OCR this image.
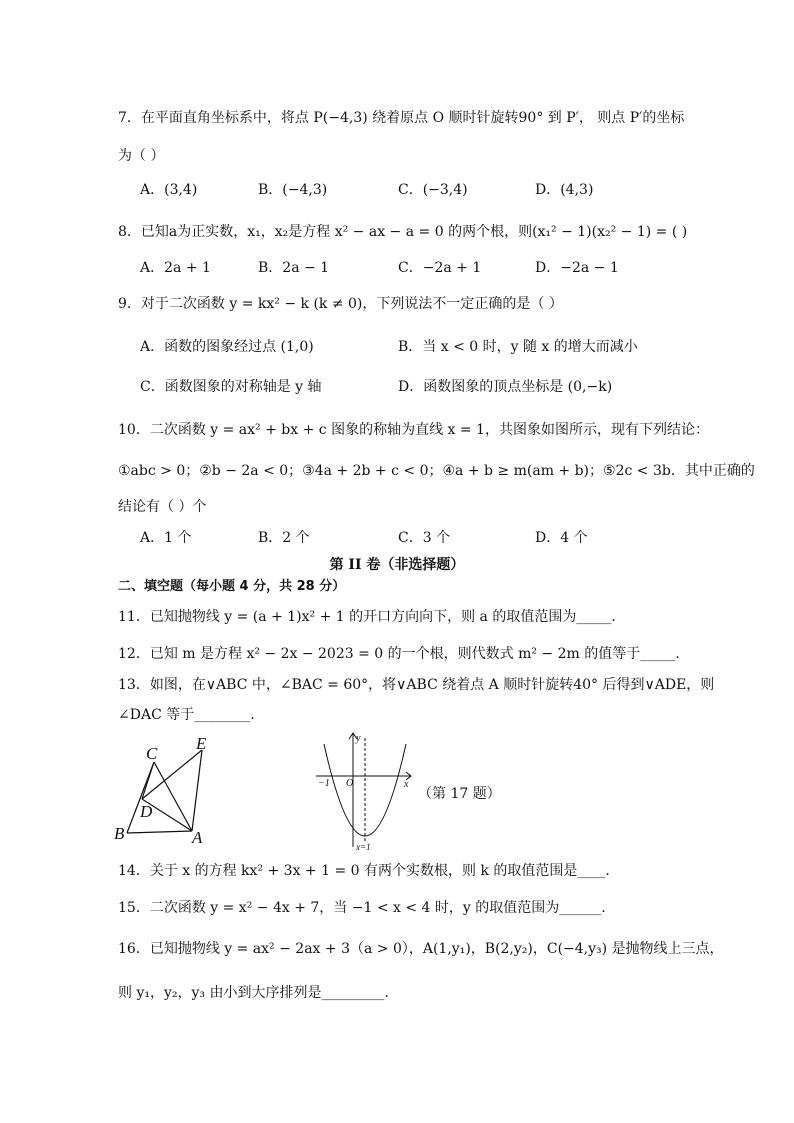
7．在平面直角坐标系中，将点 P(−4,3) 绕着原点 O 顺时针旋转90° 到 P′， 则点 P′的坐标
为（ ）
A．(3,4)	B．(−4,3)	C．(−3,4)	D．(4,3)
8．已知a为正实数，x₁，x₂是方程 x² − ax − a = 0 的两个根，则(x₁² − 1)(x₂² − 1) = ( )
A．2a + 1	B．2a − 1	C．−2a + 1	D．−2a − 1
9．对于二次函数 y = kx² − k (k ≠ 0)，下列说法不一定正确的是（ ）
A．函数的图象经过点 (1,0)	B．当 x < 0 时，y 随 x 的增大而减小
C．函数图象的对称轴是 y 轴	D．函数图象的顶点坐标是 (0,−k)
10．二次函数 y = ax² + bx + c 图象的称轴为直线 x = 1，共图象如图所示，现有下列结论：
①abc > 0；②b − 2a < 0；③4a + 2b + c < 0；④a + b ≥ m(am + b)；⑤2c < 3b．其中正确的
结论有（ ）个
A．1 个	B．2 个	C．3 个	D．4 个
第 II 卷（非选择题）
二、填空题（每小题 4 分，共 28 分）
11．已知抛物线 y = (a + 1)x² + 1 的开口方向向下，则 a 的取值范围为_____.
12．已知 m 是方程 x² − 2x − 2023 = 0 的一个根，则代数式 m² − 2m 的值等于_____.
13．如图，在∨ABC 中，∠BAC = 60°，将∨ABC 绕着点 A 顺时针旋转40° 后得到∨ADE，则
∠DAC 等于________.
C
E
D
B	A
y
x
O
−1
x=1
（第 17 题）
14．关于 x 的方程 kx² + 3x + 1 = 0 有两个实数根，则 k 的取值范围是____.
15．二次函数 y = x² − 4x + 7，当 −1 < x < 4 时，y 的取值范围为______.
16．已知抛物线 y = ax² − 2ax + 3（a > 0），A(1,y₁)，B(2,y₂)，C(−4,y₃) 是抛物线上三点，
则 y₁，y₂，y₃ 由小到大序排列是_________.
